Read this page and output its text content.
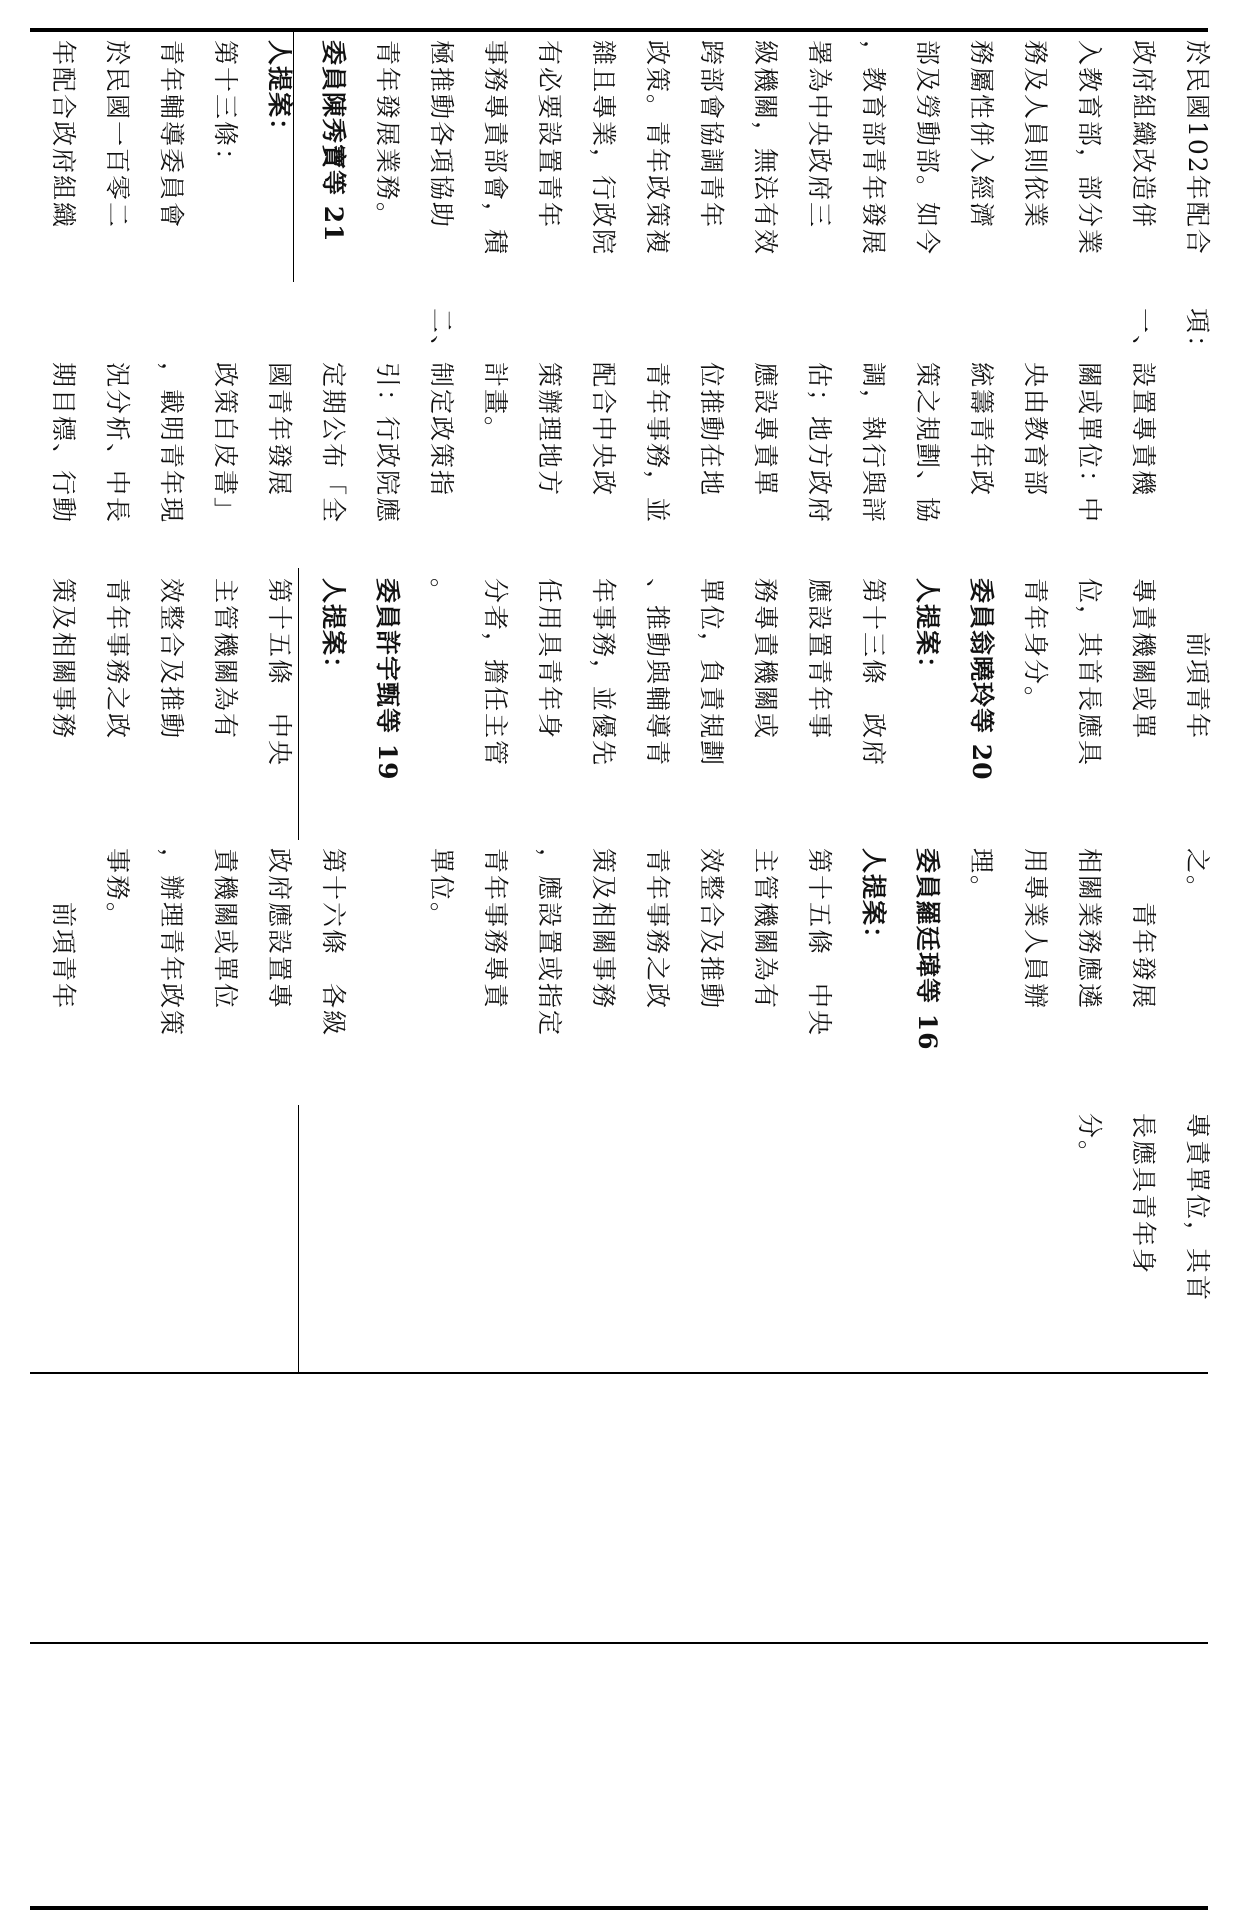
於民國102年配合
政府組織改造併
入教育部，部分業
務及人員則依業
務屬性併入經濟
部及勞動部。如今
，教育部青年發展
署為中央政府三
級機關，無法有效
跨部會協調青年
政策。青年政策複
雜且專業，行政院
有必要設置青年
事務專責部會，積
極推動各項協助
青年發展業務。
委員陳秀寶等 21
人提案：
第十三條：
青年輔導委員會
於民國一百零二
年配合政府組織
項：
一、設置專責機
　　關或單位：中
　　央由教育部
　　統籌青年政
　　策之規劃、協
　　調，執行與評
　　估；地方政府
　　應設專責單
　　位推動在地
　　青年事務，並
　　配合中央政
　　策辦理地方
　　計畫。
二、制定政策指
　　引：行政院應
　　定期公布「全
　　國青年發展
　　政策白皮書」
　　，載明青年現
　　況分析、中長
　　期目標、行動
　　前項青年
專責機關或單
位，其首長應具
青年身分。
委員翁曉玲等 20
人提案：
第十三條　政府
應設置青年事
務專責機關或
單位，負責規劃
、推動與輔導青
年事務，並優先
任用具青年身
分者，擔任主管
。
委員許宇甄等 19
人提案：
第十五條　中央
主管機關為有
效整合及推動
青年事務之政
策及相關事務
之。
　　青年發展
相關業務應遴
用專業人員辦
理。
委員羅廷瑋等 16
人提案：
第十五條　中央
主管機關為有
效整合及推動
青年事務之政
策及相關事務
，應設置或指定
青年事務專責
單位。
第十六條　各級
政府應設置專
責機關或單位
，辦理青年政策
事務。
　　前項青年
專責單位，其首
長應具青年身
分。
